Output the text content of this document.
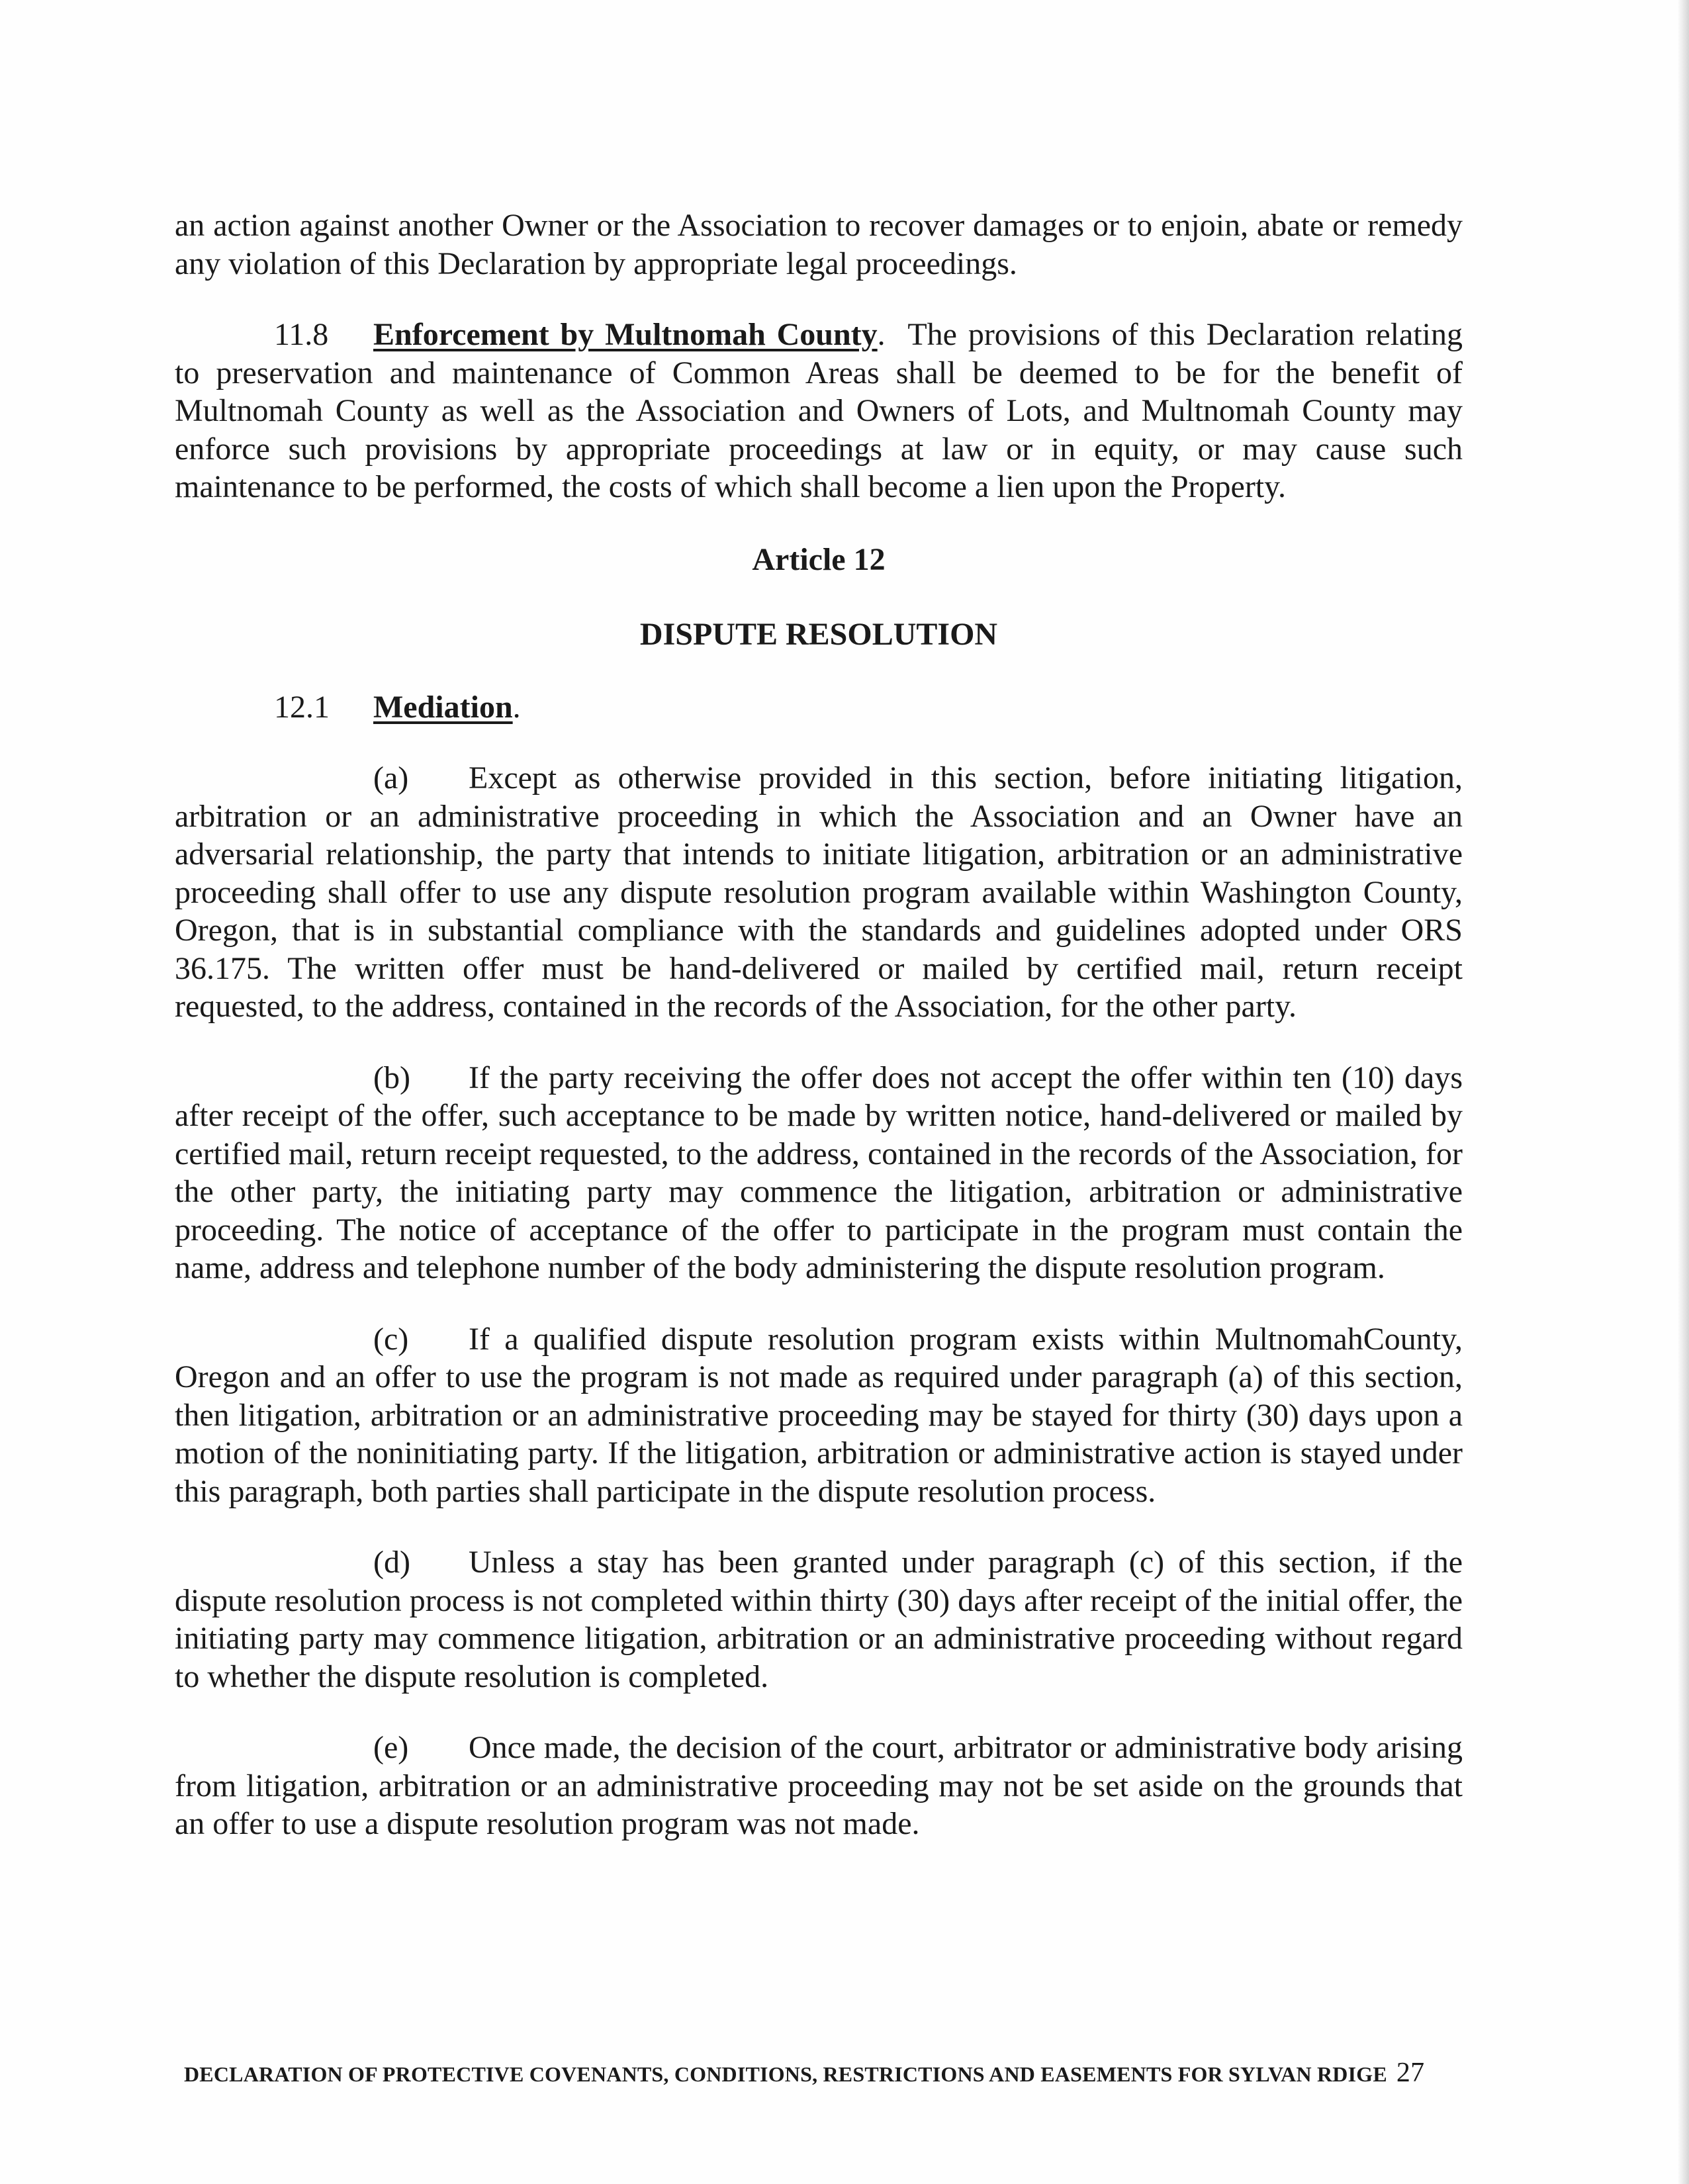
an action against another Owner or the Association to recover damages or to enjoin, abate or remedy any violation of this Declaration by appropriate legal proceedings.

11.8 Enforcement by Multnomah County.  The provisions of this Declaration relating to preservation and maintenance of Common Areas shall be deemed to be for the benefit of Multnomah County as well as the Association and Owners of Lots, and Multnomah County may enforce such provisions by appropriate proceedings at law or in equity, or may cause such maintenance to be performed, the costs of which shall become a lien upon the Property.

Article 12

DISPUTE RESOLUTION

12.1 Mediation.

(a) Except as otherwise provided in this section, before initiating litigation, arbitration or an administrative proceeding in which the Association and an Owner have an adversarial relationship, the party that intends to initiate litigation, arbitration or an administrative proceeding shall offer to use any dispute resolution program available within Washington County, Oregon, that is in substantial compliance with the standards and guidelines adopted under ORS 36.175. The written offer must be hand-delivered or mailed by certified mail, return receipt requested, to the address, contained in the records of the Association, for the other party.

(b) If the party receiving the offer does not accept the offer within ten (10) days after receipt of the offer, such acceptance to be made by written notice, hand-delivered or mailed by certified mail, return receipt requested, to the address, contained in the records of the Association, for the other party, the initiating party may commence the litigation, arbitration or administrative proceeding. The notice of acceptance of the offer to participate in the program must contain the name, address and telephone number of the body administering the dispute resolution program.

(c) If a qualified dispute resolution program exists within MultnomahCounty, Oregon and an offer to use the program is not made as required under paragraph (a) of this section, then litigation, arbitration or an administrative proceeding may be stayed for thirty (30) days upon a motion of the noninitiating party. If the litigation, arbitration or administrative action is stayed under this paragraph, both parties shall participate in the dispute resolution process.

(d) Unless a stay has been granted under paragraph (c) of this section, if the dispute resolution process is not completed within thirty (30) days after receipt of the initial offer, the initiating party may commence litigation, arbitration or an administrative proceeding without regard to whether the dispute resolution is completed.

(e) Once made, the decision of the court, arbitrator or administrative body arising from litigation, arbitration or an administrative proceeding may not be set aside on the grounds that an offer to use a dispute resolution program was not made.

DECLARATION OF PROTECTIVE COVENANTS, CONDITIONS, RESTRICTIONS AND EASEMENTS FOR SYLVAN RDIGE 27
